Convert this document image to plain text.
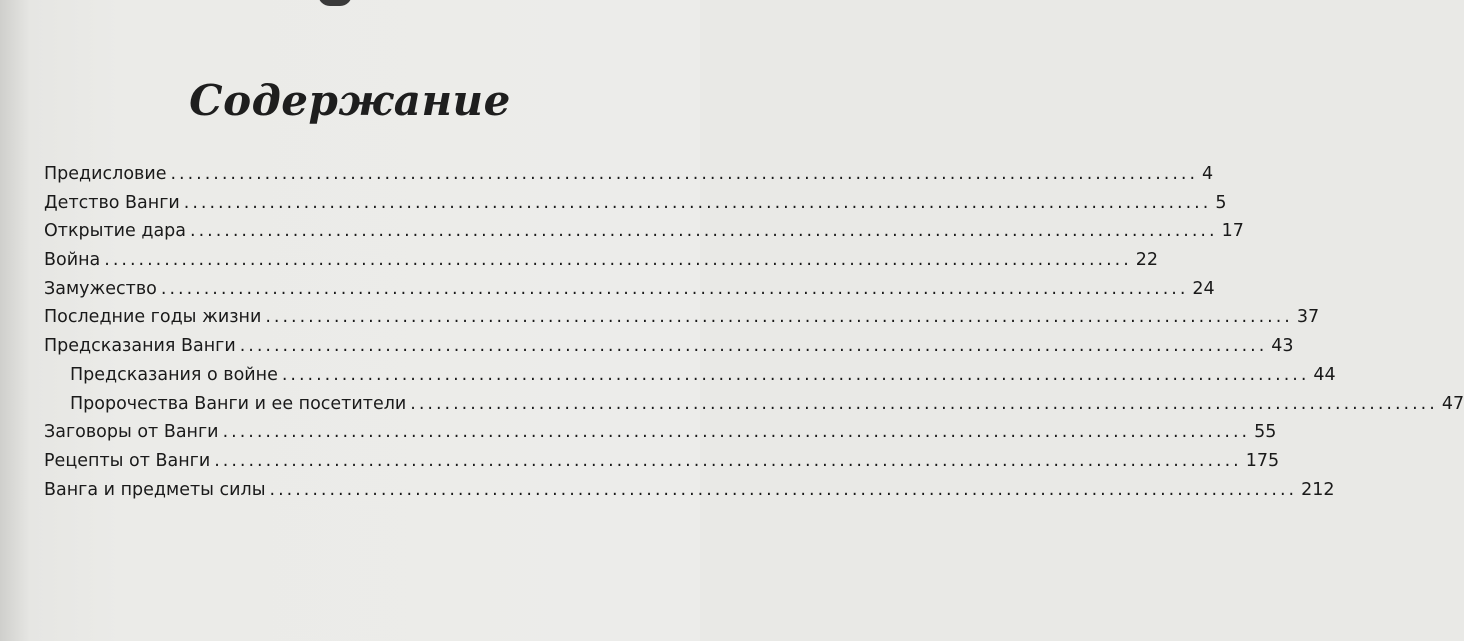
Содержание
Предисловие ........................................................................................................................ 4
Детство Ванги ........................................................................................................................ 5
Открытие дара ........................................................................................................................ 17
Война ........................................................................................................................ 22
Замужество ........................................................................................................................ 24
Последние годы жизни ........................................................................................................................ 37
Предсказания Ванги ........................................................................................................................ 43
Предсказания о войне ........................................................................................................................ 44
Пророчества Ванги и ее посетители ........................................................................................................................ 47
Заговоры от Ванги ........................................................................................................................ 55
Рецепты от Ванги ........................................................................................................................ 175
Ванга и предметы силы ........................................................................................................................ 212
